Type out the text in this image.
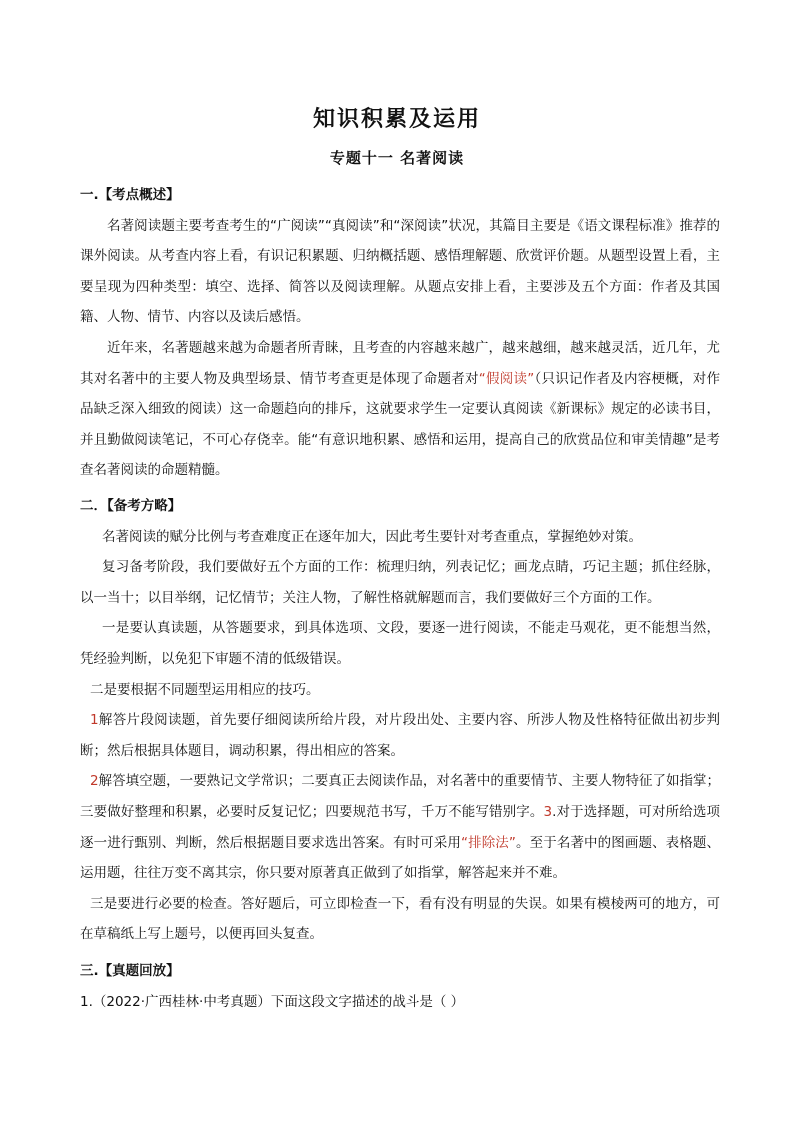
知识积累及运用
专题十一 名著阅读
一.【考点概述】

名著阅读题主要考查考生的“广阅读”“真阅读”和“深阅读”状况，其篇目主要是《语文课程标准》推荐的课外阅读。从考查内容上看，有识记积累题、归纳概括题、感悟理解题、欣赏评价题。从题型设置上看，主要呈现为四种类型：填空、选择、简答以及阅读理解。从题点安排上看，主要涉及五个方面：作者及其国籍、人物、情节、内容以及读后感悟。

近年来，名著题越来越为命题者所青睐，且考查的内容越来越广，越来越细，越来越灵活，近几年，尤其对名著中的主要人物及典型场景、情节考查更是体现了命题者对“假阅读”（只识记作者及内容梗概，对作品缺乏深入细致的阅读）这一命题趋向的排斥，这就要求学生一定要认真阅读《新课标》规定的必读书目，并且勤做阅读笔记，不可心存侥幸。能“有意识地积累、感悟和运用，提高自己的欣赏品位和审美情趣”是考查名著阅读的命题精髓。

二．【备考方略】

名著阅读的赋分比例与考查难度正在逐年加大，因此考生要针对考查重点，掌握绝妙对策。

复习备考阶段，我们要做好五个方面的工作：梳理归纳，列表记忆；画龙点睛，巧记主题；抓住经脉，以一当十；以目举纲，记忆情节；关注人物，了解性格就解题而言，我们要做好三个方面的工作。

一是要认真读题，从答题要求，到具体选项、文段，要逐一进行阅读，不能走马观花，更不能想当然，凭经验判断，以免犯下审题不清的低级错误。

二是要根据不同题型运用相应的技巧。

1解答片段阅读题，首先要仔细阅读所给片段，对片段出处、主要内容、所涉人物及性格特征做出初步判断；然后根据具体题目，调动积累，得出相应的答案。

2解答填空题，一要熟记文学常识；二要真正去阅读作品，对名著中的重要情节、主要人物特征了如指掌；三要做好整理和积累，必要时反复记忆；四要规范书写，千万不能写错别字。3.对于选择题，可对所给选项逐一进行甄别、判断，然后根据题目要求选出答案。有时可采用“排除法”。至于名著中的图画题、表格题、运用题，往往万变不离其宗，你只要对原著真正做到了如指掌，解答起来并不难。

三是要进行必要的检查。答好题后，可立即检查一下，看有没有明显的失误。如果有模棱两可的地方，可在草稿纸上写上题号，以便再回头复查。

三.【真题回放】

1.（2022·广西桂林·中考真题）下面这段文字描述的战斗是（ ）
